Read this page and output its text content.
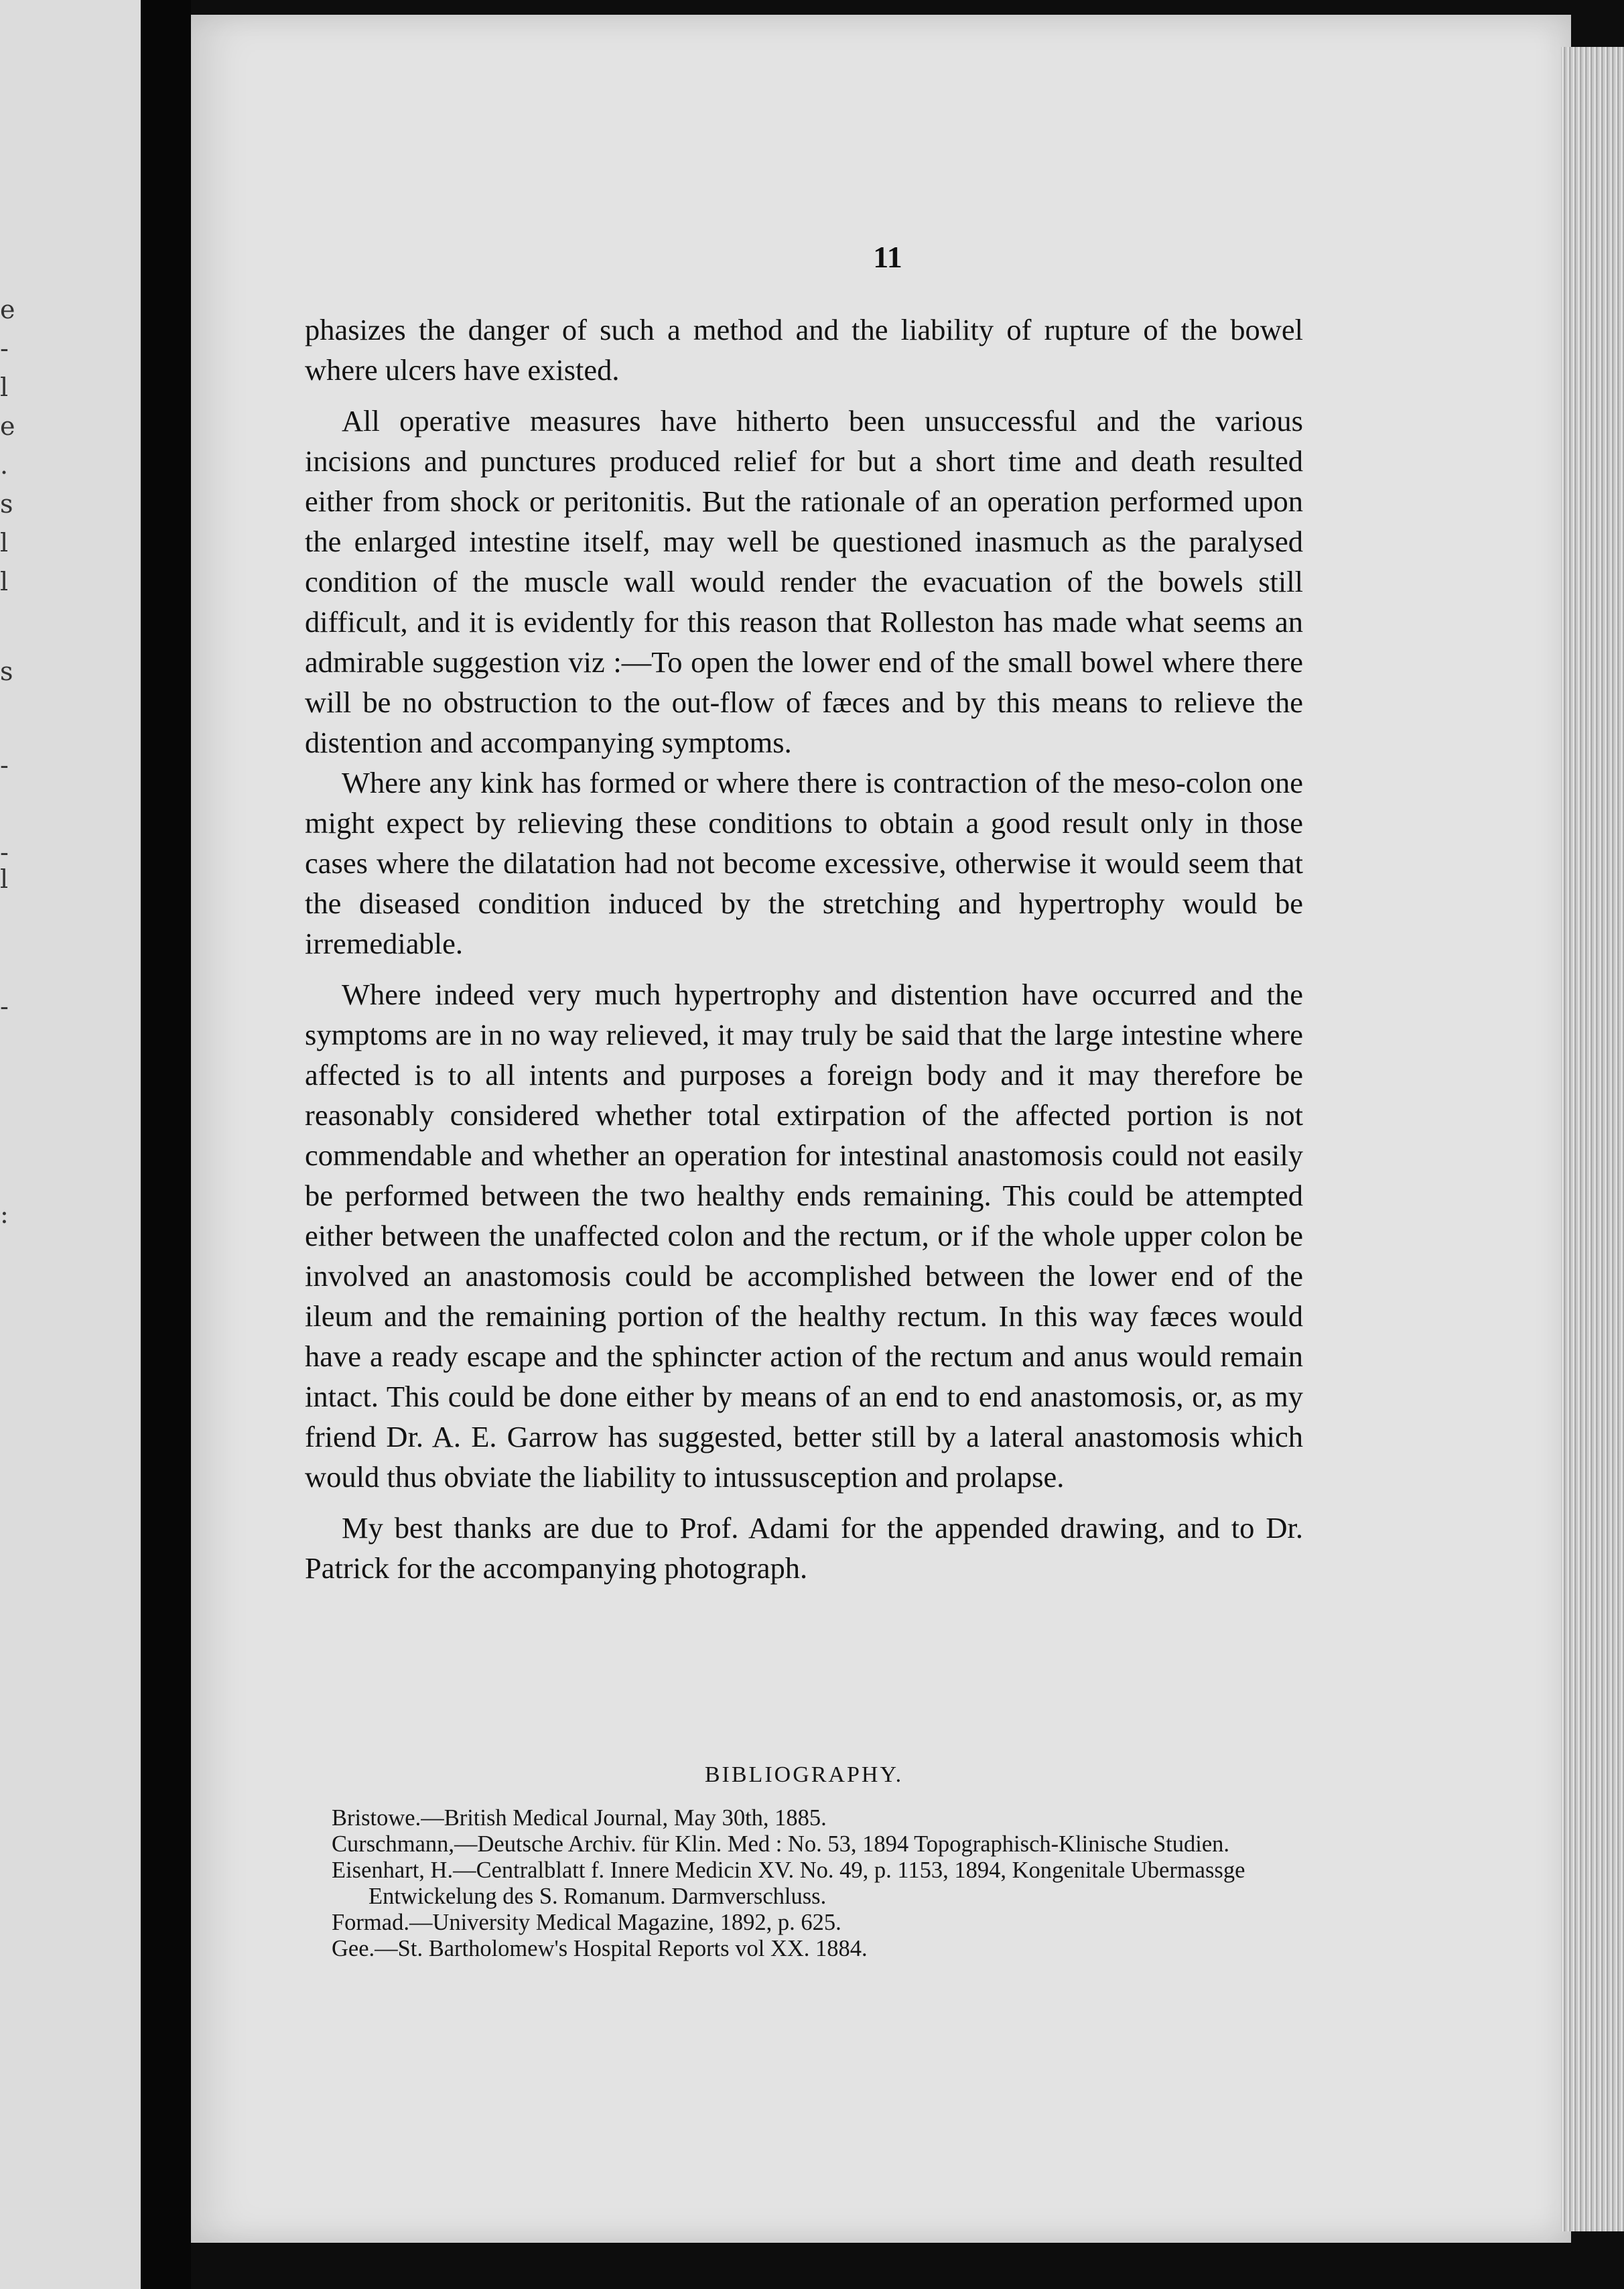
e
-
l
e
.
s
l
l
s
-
-
l
-
:
11

phasizes the danger of such a method and the liability of rupture of the bowel where ulcers have existed.

All operative measures have hitherto been unsuccessful and the various incisions and punctures produced relief for but a short time and death resulted either from shock or peritonitis. But the rationale of an operation performed upon the enlarged intestine itself, may well be questioned inasmuch as the paralysed condition of the muscle wall would render the evacuation of the bowels still difficult, and it is evidently for this reason that Rolleston has made what seems an admirable suggestion viz :—To open the lower end of the small bowel where there will be no obstruction to the out-flow of fæces and by this means to relieve the distention and accompanying symptoms.

Where any kink has formed or where there is contraction of the meso-colon one might expect by relieving these conditions to obtain a good result only in those cases where the dilatation had not become excessive, otherwise it would seem that the diseased condition induced by the stretching and hypertrophy would be irremediable.

Where indeed very much hypertrophy and distention have occurred and the symptoms are in no way relieved, it may truly be said that the large intestine where affected is to all intents and purposes a foreign body and it may therefore be reasonably considered whether total extirpation of the affected portion is not commendable and whether an operation for intestinal anastomosis could not easily be performed between the two healthy ends remaining. This could be attempted either between the unaffected colon and the rectum, or if the whole upper colon be involved an anastomosis could be accomplished between the lower end of the ileum and the remaining portion of the healthy rectum. In this way fæces would have a ready escape and the sphincter action of the rectum and anus would remain intact. This could be done either by means of an end to end anastomosis, or, as my friend Dr. A. E. Garrow has suggested, better still by a lateral anastomosis which would thus obviate the liability to intussusception and prolapse.

My best thanks are due to Prof. Adami for the appended drawing, and to Dr. Patrick for the accompanying photograph.

BIBLIOGRAPHY.
Bristowe.—British Medical Journal, May 30th, 1885.
Curschmann,—Deutsche Archiv. für Klin. Med : No. 53, 1894 Topographisch-Klinische Studien.
Eisenhart, H.—Centralblatt f. Innere Medicin XV. No. 49, p. 1153, 1894, Kongenitale Ubermassge Entwickelung des S. Romanum. Darmverschluss.
Formad.—University Medical Magazine, 1892, p. 625.
Gee.—St. Bartholomew's Hospital Reports vol XX. 1884.
